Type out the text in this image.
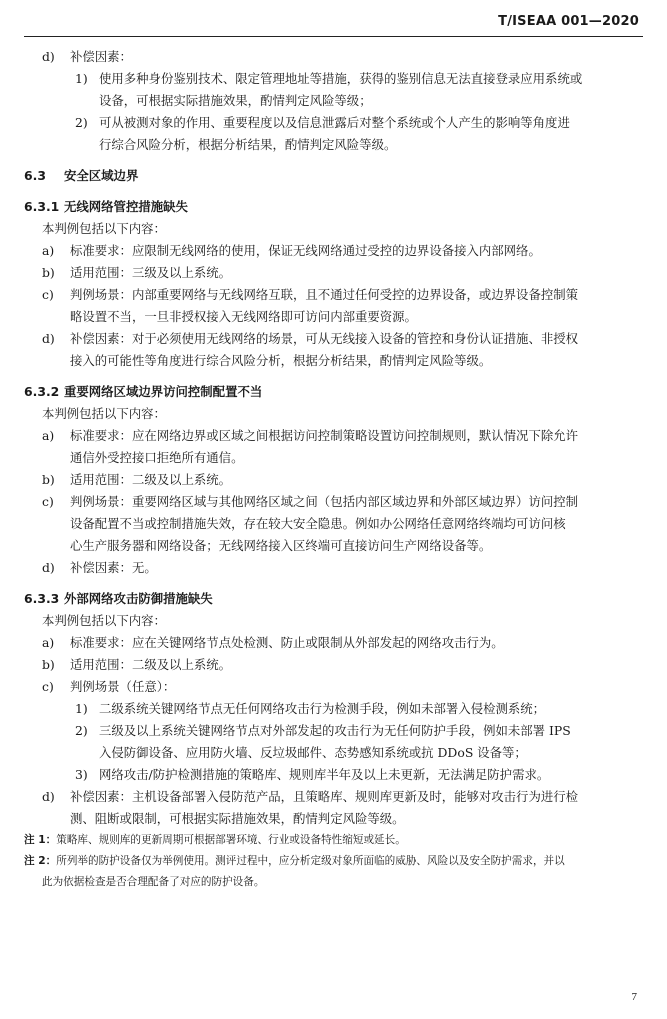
T/ISEAA 001—2020
d) 补偿因素：
1) 使用多种身份鉴别技术、限定管理地址等措施，获得的鉴别信息无法直接登录应用系统或
设备，可根据实际措施效果，酌情判定风险等级；
2) 可从被测对象的作用、重要程度以及信息泄露后对整个系统或个人产生的影响等角度进
行综合风险分析，根据分析结果，酌情判定风险等级。
6.3 安全区域边界
6.3.1 无线网络管控措施缺失
本判例包括以下内容：
a) 标准要求：应限制无线网络的使用，保证无线网络通过受控的边界设备接入内部网络。
b) 适用范围：三级及以上系统。
c) 判例场景：内部重要网络与无线网络互联，且不通过任何受控的边界设备，或边界设备控制策
略设置不当，一旦非授权接入无线网络即可访问内部重要资源。
d) 补偿因素：对于必须使用无线网络的场景，可从无线接入设备的管控和身份认证措施、非授权
接入的可能性等角度进行综合风险分析，根据分析结果，酌情判定风险等级。
6.3.2 重要网络区域边界访问控制配置不当
本判例包括以下内容：
a) 标准要求：应在网络边界或区域之间根据访问控制策略设置访问控制规则，默认情况下除允许
通信外受控接口拒绝所有通信。
b) 适用范围：二级及以上系统。
c) 判例场景：重要网络区域与其他网络区域之间（包括内部区域边界和外部区域边界）访问控制
设备配置不当或控制措施失效，存在较大安全隐患。例如办公网络任意网络终端均可访问核
心生产服务器和网络设备；无线网络接入区终端可直接访问生产网络设备等。
d) 补偿因素：无。
6.3.3 外部网络攻击防御措施缺失
本判例包括以下内容：
a) 标准要求：应在关键网络节点处检测、防止或限制从外部发起的网络攻击行为。
b) 适用范围：二级及以上系统。
c) 判例场景（任意）：
1) 二级系统关键网络节点无任何网络攻击行为检测手段，例如未部署入侵检测系统；
2) 三级及以上系统关键网络节点对外部发起的攻击行为无任何防护手段，例如未部署 IPS
入侵防御设备、应用防火墙、反垃圾邮件、态势感知系统或抗 DDoS 设备等；
3) 网络攻击/防护检测措施的策略库、规则库半年及以上未更新，无法满足防护需求。
d) 补偿因素：主机设备部署入侵防范产品，且策略库、规则库更新及时，能够对攻击行为进行检
测、阻断或限制，可根据实际措施效果，酌情判定风险等级。
注 1：策略库、规则库的更新周期可根据部署环境、行业或设备特性缩短或延长。
注 2：所列举的防护设备仅为举例使用。测评过程中，应分析定级对象所面临的威胁、风险以及安全防护需求，并以
此为依据检查是否合理配备了对应的防护设备。
7
